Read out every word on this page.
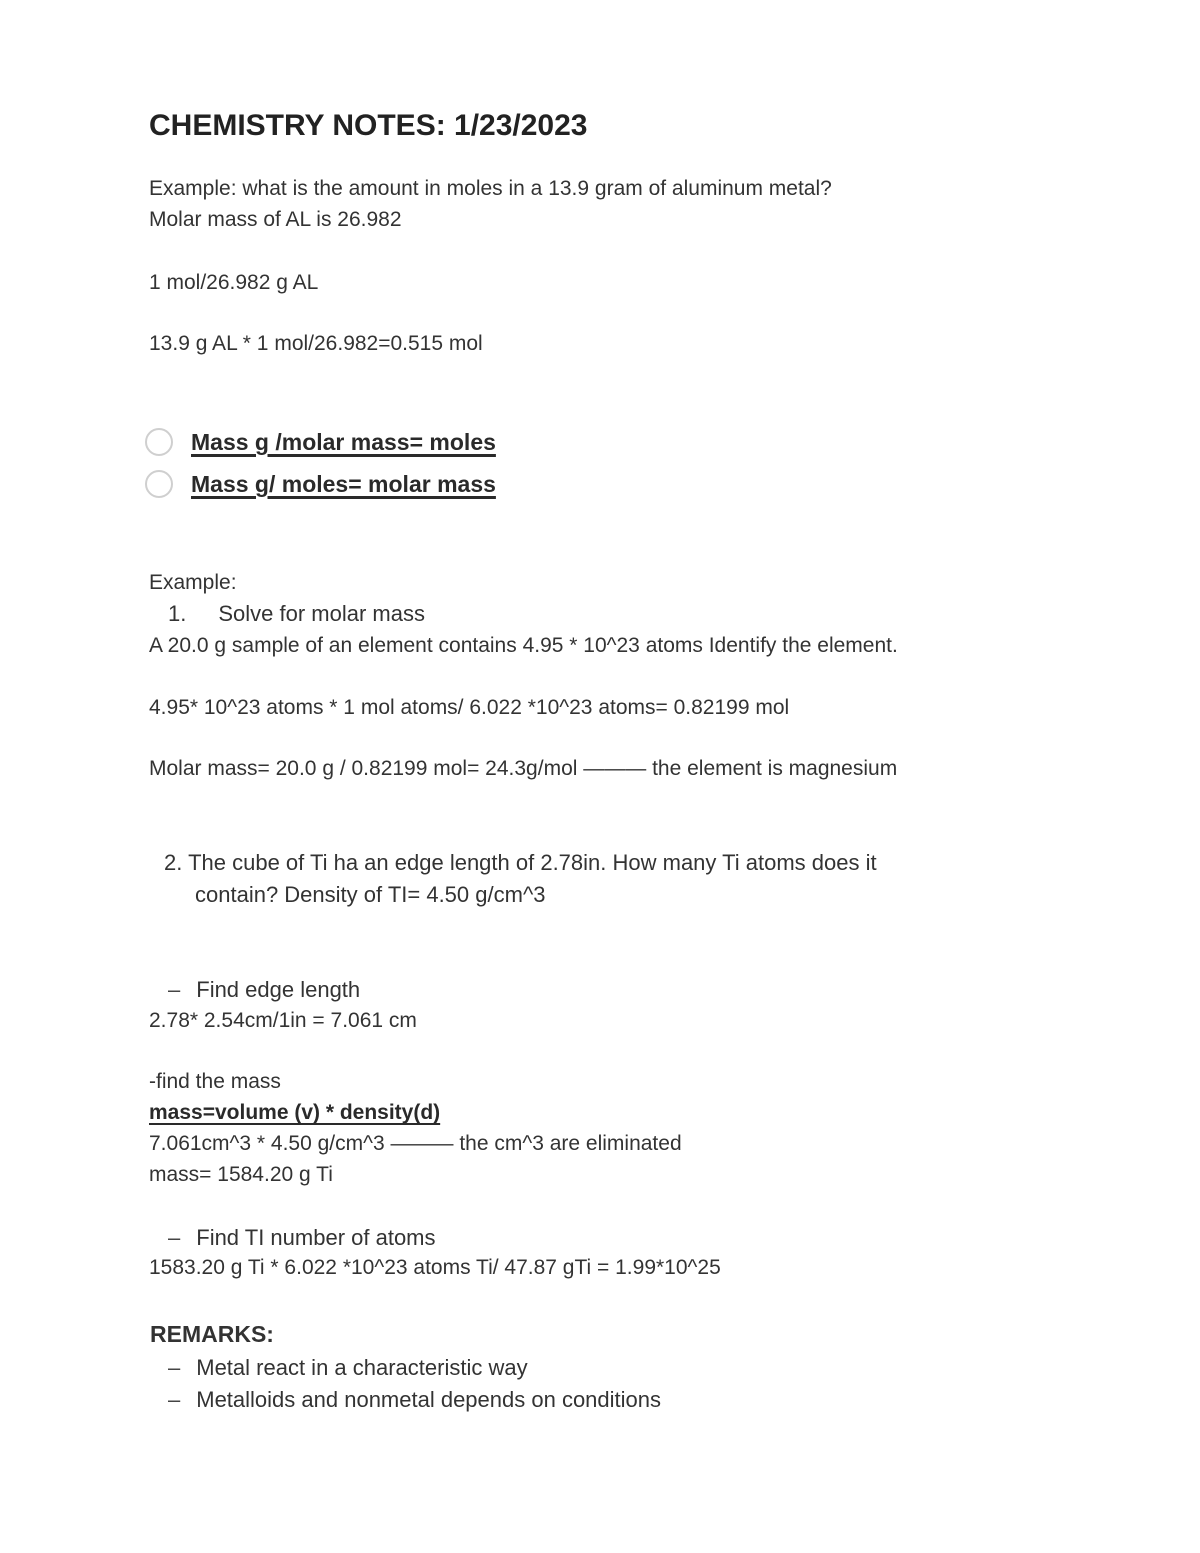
CHEMISTRY NOTES: 1/23/2023
Example: what is the amount in moles in a 13.9 gram of aluminum metal?
Molar mass of AL is 26.982
1 mol/26.982 g AL
13.9 g AL * 1 mol/26.982=0.515 mol
Mass g /molar mass= moles
Mass g/ moles= molar mass
Example:
1. Solve for molar mass
A 20.0 g sample of an element contains 4.95 * 10^23 atoms Identify the element.
4.95* 10^23 atoms * 1 mol atoms/ 6.022 *10^23 atoms= 0.82199 mol
Molar mass= 20.0 g / 0.82199 mol= 24.3g/mol ——— the element is magnesium
2. The cube of Ti ha an edge length of 2.78in. How many Ti atoms does it
contain? Density of TI= 4.50 g/cm^3
– Find edge length
2.78* 2.54cm/1in = 7.061 cm
-find the mass
mass=volume (v) * density(d)
7.061cm^3 * 4.50 g/cm^3 ——— the cm^3 are eliminated
mass= 1584.20 g Ti
– Find TI number of atoms
1583.20 g Ti * 6.022 *10^23 atoms Ti/ 47.87 gTi = 1.99*10^25
REMARKS:
– Metal react in a characteristic way
– Metalloids and nonmetal depends on conditions
